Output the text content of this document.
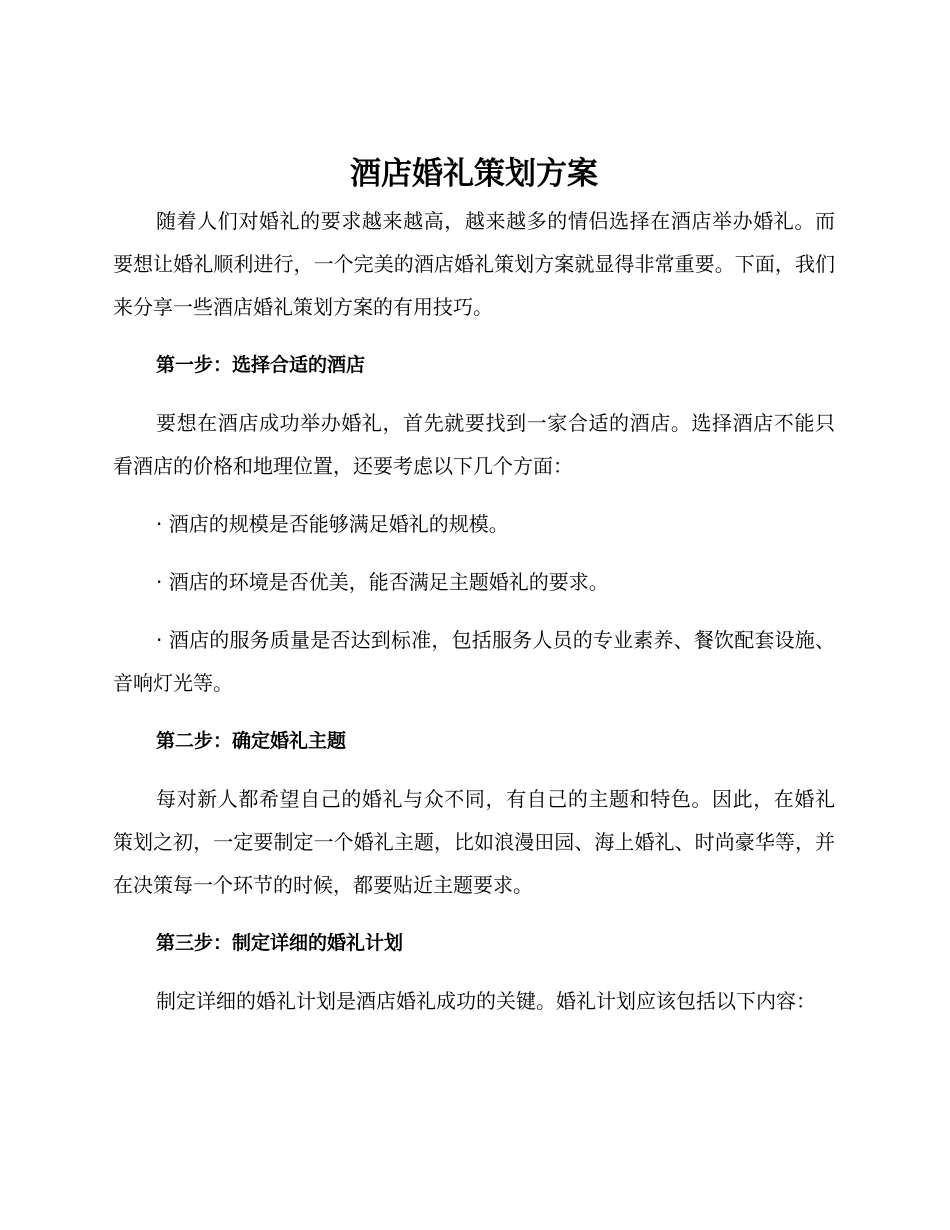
酒店婚礼策划方案

随着人们对婚礼的要求越来越高，越来越多的情侣选择在酒店举办婚礼。而要想让婚礼顺利进行，一个完美的酒店婚礼策划方案就显得非常重要。下面，我们来分享一些酒店婚礼策划方案的有用技巧。

第一步：选择合适的酒店

要想在酒店成功举办婚礼，首先就要找到一家合适的酒店。选择酒店不能只看酒店的价格和地理位置，还要考虑以下几个方面：

· 酒店的规模是否能够满足婚礼的规模。

· 酒店的环境是否优美，能否满足主题婚礼的要求。

· 酒店的服务质量是否达到标准，包括服务人员的专业素养、餐饮配套设施、音响灯光等。

第二步：确定婚礼主题

每对新人都希望自己的婚礼与众不同，有自己的主题和特色。因此，在婚礼策划之初，一定要制定一个婚礼主题，比如浪漫田园、海上婚礼、时尚豪华等，并在决策每一个环节的时候，都要贴近主题要求。

第三步：制定详细的婚礼计划

制定详细的婚礼计划是酒店婚礼成功的关键。婚礼计划应该包括以下内容：
